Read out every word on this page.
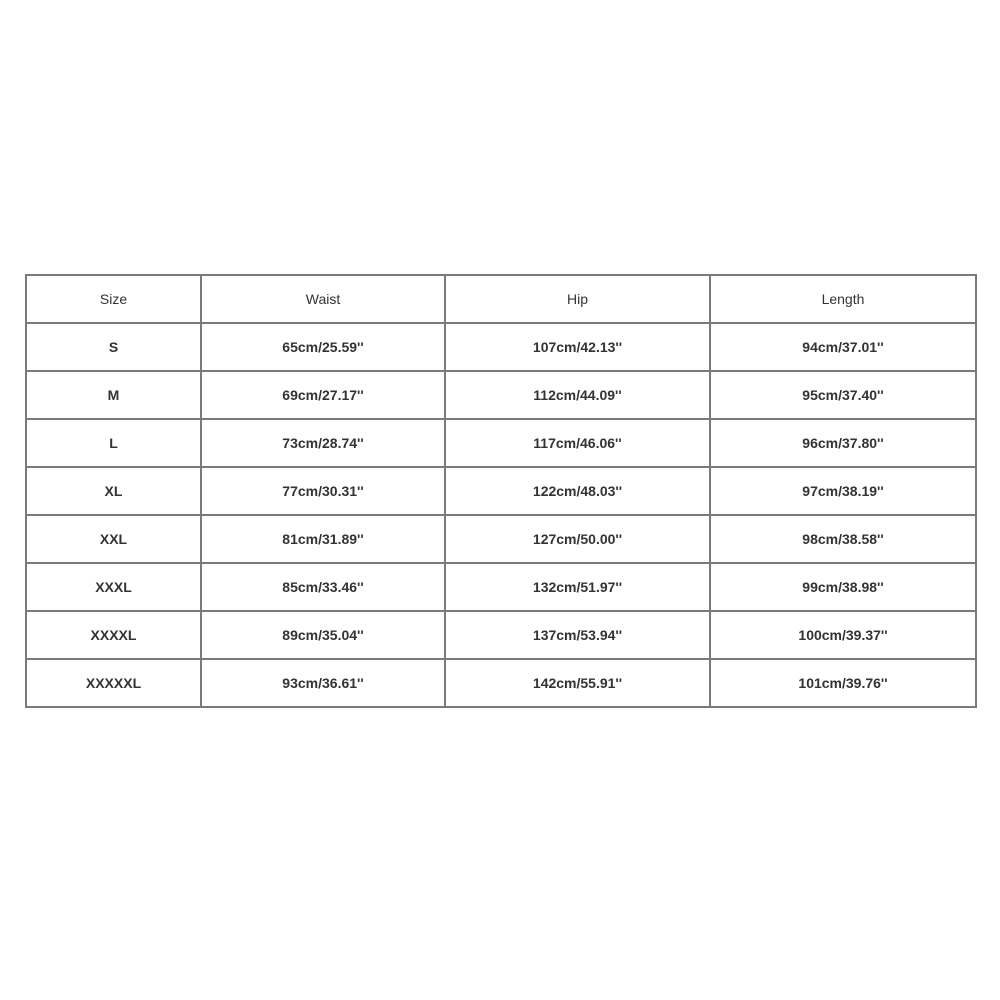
Size	Waist	Hip	Length
S	65cm/25.59''	107cm/42.13''	94cm/37.01''
M	69cm/27.17''	112cm/44.09''	95cm/37.40''
L	73cm/28.74''	117cm/46.06''	96cm/37.80''
XL	77cm/30.31''	122cm/48.03''	97cm/38.19''
XXL	81cm/31.89''	127cm/50.00''	98cm/38.58''
XXXL	85cm/33.46''	132cm/51.97''	99cm/38.98''
XXXXL	89cm/35.04''	137cm/53.94''	100cm/39.37''
XXXXXL	93cm/36.61''	142cm/55.91''	101cm/39.76''
